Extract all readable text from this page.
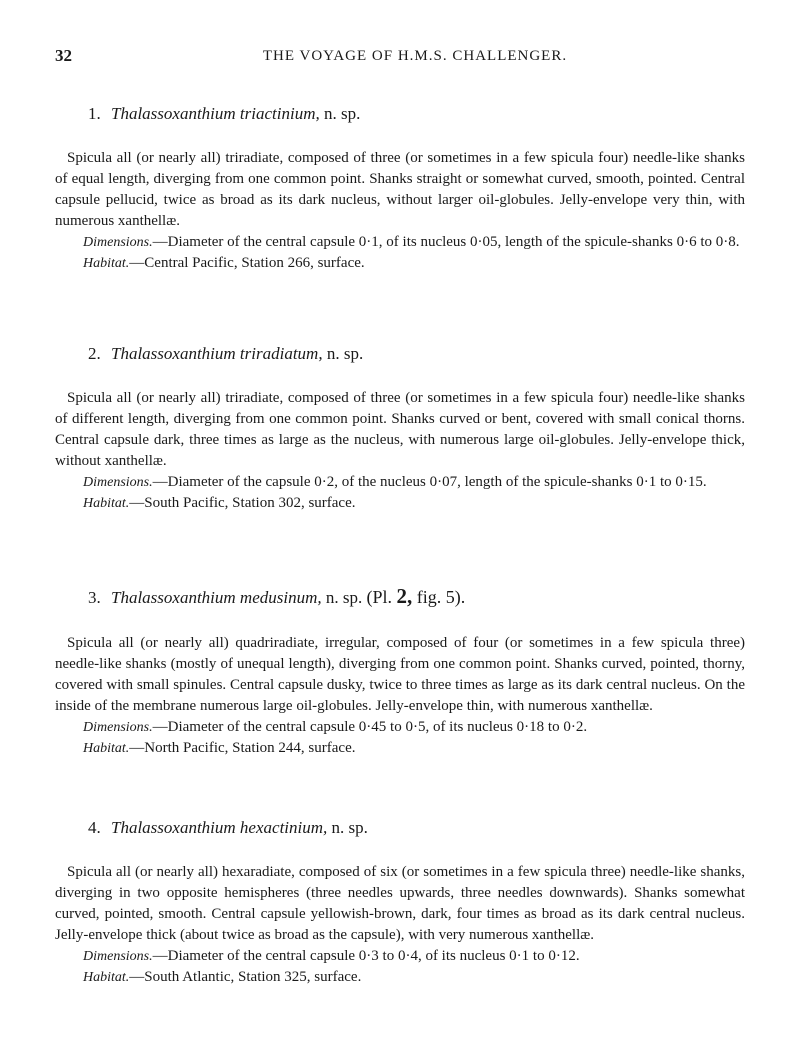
32	THE VOYAGE OF H.M.S. CHALLENGER.
1. Thalassoxanthium triactinium, n. sp.

Spicula all (or nearly all) triradiate, composed of three (or sometimes in a few spicula four) needle-like shanks of equal length, diverging from one common point. Shanks straight or somewhat curved, smooth, pointed. Central capsule pellucid, twice as broad as its dark nucleus, without larger oil-globules. Jelly-envelope very thin, with numerous xanthellæ.

Dimensions.—Diameter of the central capsule 0·1, of its nucleus 0·05, length of the spicule-shanks 0·6 to 0·8.

Habitat.—Central Pacific, Station 266, surface.

2. Thalassoxanthium triradiatum, n. sp.

Spicula all (or nearly all) triradiate, composed of three (or sometimes in a few spicula four) needle-like shanks of different length, diverging from one common point. Shanks curved or bent, covered with small conical thorns. Central capsule dark, three times as large as the nucleus, with numerous large oil-globules. Jelly-envelope thick, without xanthellæ.

Dimensions.—Diameter of the capsule 0·2, of the nucleus 0·07, length of the spicule-shanks 0·1 to 0·15.

Habitat.—South Pacific, Station 302, surface.

3. Thalassoxanthium medusinum, n. sp. (Pl. 2, fig. 5).

Spicula all (or nearly all) quadriradiate, irregular, composed of four (or sometimes in a few spicula three) needle-like shanks (mostly of unequal length), diverging from one common point. Shanks curved, pointed, thorny, covered with small spinules. Central capsule dusky, twice to three times as large as its dark central nucleus. On the inside of the membrane numerous large oil-globules. Jelly-envelope thin, with numerous xanthellæ.

Dimensions.—Diameter of the central capsule 0·45 to 0·5, of its nucleus 0·18 to 0·2.

Habitat.—North Pacific, Station 244, surface.

4. Thalassoxanthium hexactinium, n. sp.

Spicula all (or nearly all) hexaradiate, composed of six (or sometimes in a few spicula three) needle-like shanks, diverging in two opposite hemispheres (three needles upwards, three needles downwards). Shanks somewhat curved, pointed, smooth. Central capsule yellowish-brown, dark, four times as broad as its dark central nucleus. Jelly-envelope thick (about twice as broad as the capsule), with very numerous xanthellæ.

Dimensions.—Diameter of the central capsule 0·3 to 0·4, of its nucleus 0·1 to 0·12.

Habitat.—South Atlantic, Station 325, surface.
